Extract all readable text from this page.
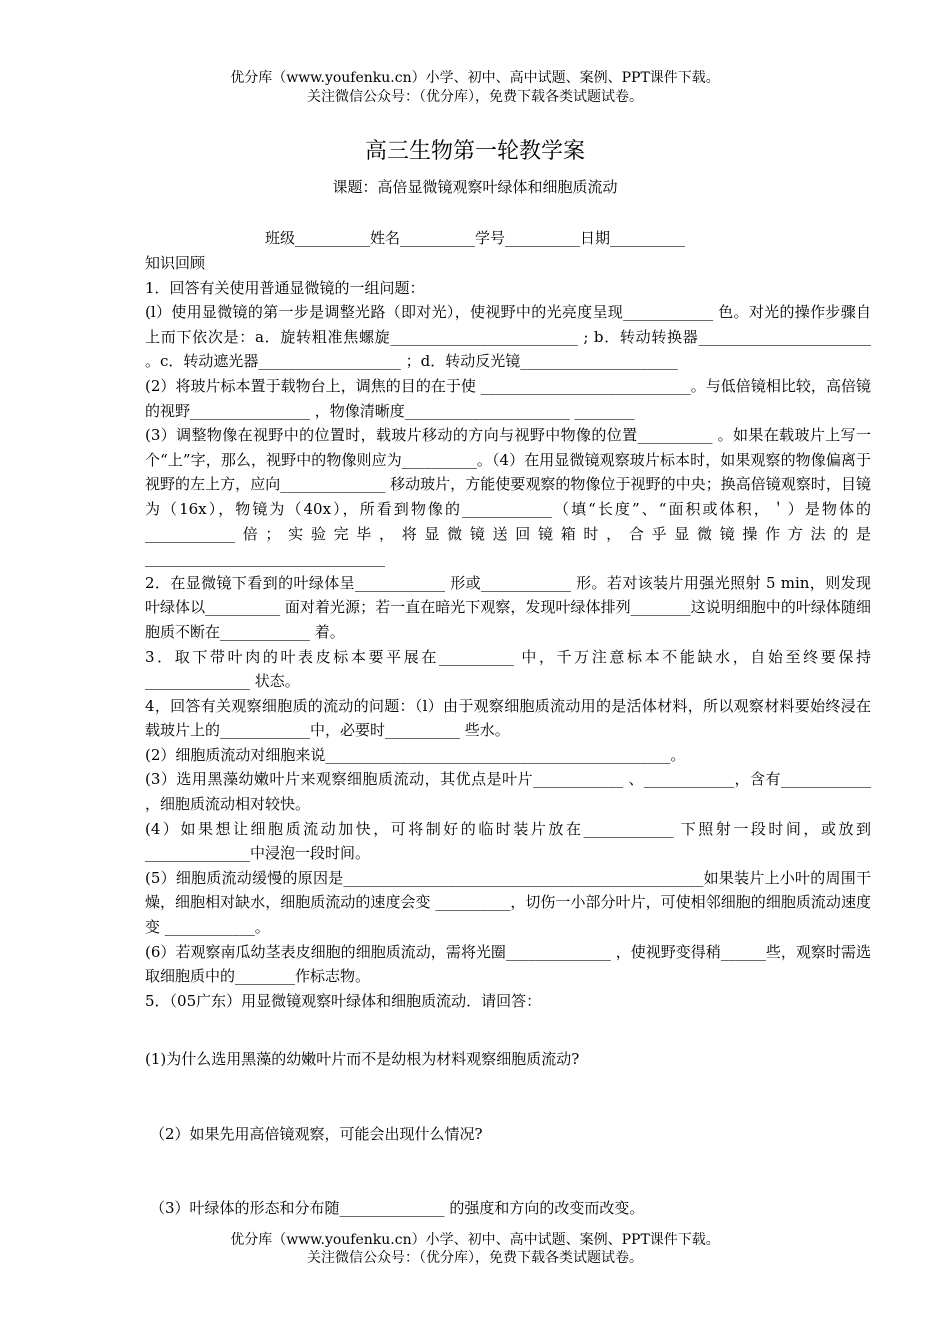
优分库（www.youfenku.cn）小学、初中、高中试题、案例、PPT课件下载。
关注微信公众号：（优分库），免费下载各类试题试卷。
高三生物第一轮教学案
课题：高倍显微镜观察叶绿体和细胞质流动
班级__________姓名__________学号__________日期__________

知识回顾

1．回答有关使用普通显微镜的一组问题：

(l）使用显微镜的第一步是调整光路（即对光），使视野中的光亮度呈现____________ 色。对光的操作步骤自上而下依次是：a．旋转粗准焦螺旋_________________________ ; b．转动转换器_______________________ 。c．转动遮光器___________________ ；d．转动反光镜_____________________

(2）将玻片标本置于载物台上，调焦的目的在于使 ____________________________。与低倍镜相比较，高倍镜的视野________________ ，物像清晰度______________________ ________

(3）调整物像在视野中的位置时，载玻片移动的方向与视野中物像的位置__________ 。如果在载玻片上写一个“上”字，那么，视野中的物像则应为__________。（4）在用显微镜观察玻片标本时，如果观察的物像偏离于视野的左上方，应向______________ 移动玻片，方能使要观察的物像位于视野的中央；换高倍镜观察时，目镜为（16x），物镜为（40x），所看到物像的____________（填“长度”、“面积或体积，＇）是物体的____________倍；实验完毕，将显微镜送回镜箱时，合乎显微镜操作方法的是________________________________

2．在显微镜下看到的叶绿体呈____________ 形或____________ 形。若对该装片用强光照射 5 min，则发现叶绿体以__________ 面对着光源；若一直在暗光下观察，发现叶绿体排列________这说明细胞中的叶绿体随细胞质不断在____________ 着。

3．取下带叶肉的叶表皮标本要平展在__________ 中，千万注意标本不能缺水，自始至终要保持______________ 状态。

4，回答有关观察细胞质的流动的问题：（l）由于观察细胞质流动用的是活体材料，所以观察材料要始终浸在载玻片上的____________中，必要时__________ 些水。

(2）细胞质流动对细胞来说______________________________________________。

(3）选用黑藻幼嫩叶片来观察细胞质流动，其优点是叶片____________ 、____________，含有____________ ，细胞质流动相对较快。

(4）如果想让细胞质流动加快，可将制好的临时装片放在____________ 下照射一段时间，或放到______________中浸泡一段时间。

(5）细胞质流动缓慢的原因是________________________________________________如果装片上小叶的周围干燥，细胞相对缺水，细胞质流动的速度会变 __________，切伤一小部分叶片，可使相邻细胞的细胞质流动速度变 ____________。

(6）若观察南瓜幼茎表皮细胞的细胞质流动，需将光圈______________ ，使视野变得稍______些，观察时需选取细胞质中的________作标志物。

5．（05广东）用显微镜观察叶绿体和细胞质流动．请回答：

(1)为什么选用黑藻的幼嫩叶片而不是幼根为材料观察细胞质流动?
（2）如果先用高倍镜观察，可能会出现什么情况?
（3）叶绿体的形态和分布随______________ 的强度和方向的改变而改变。
优分库（www.youfenku.cn）小学、初中、高中试题、案例、PPT课件下载。
关注微信公众号：（优分库），免费下载各类试题试卷。
